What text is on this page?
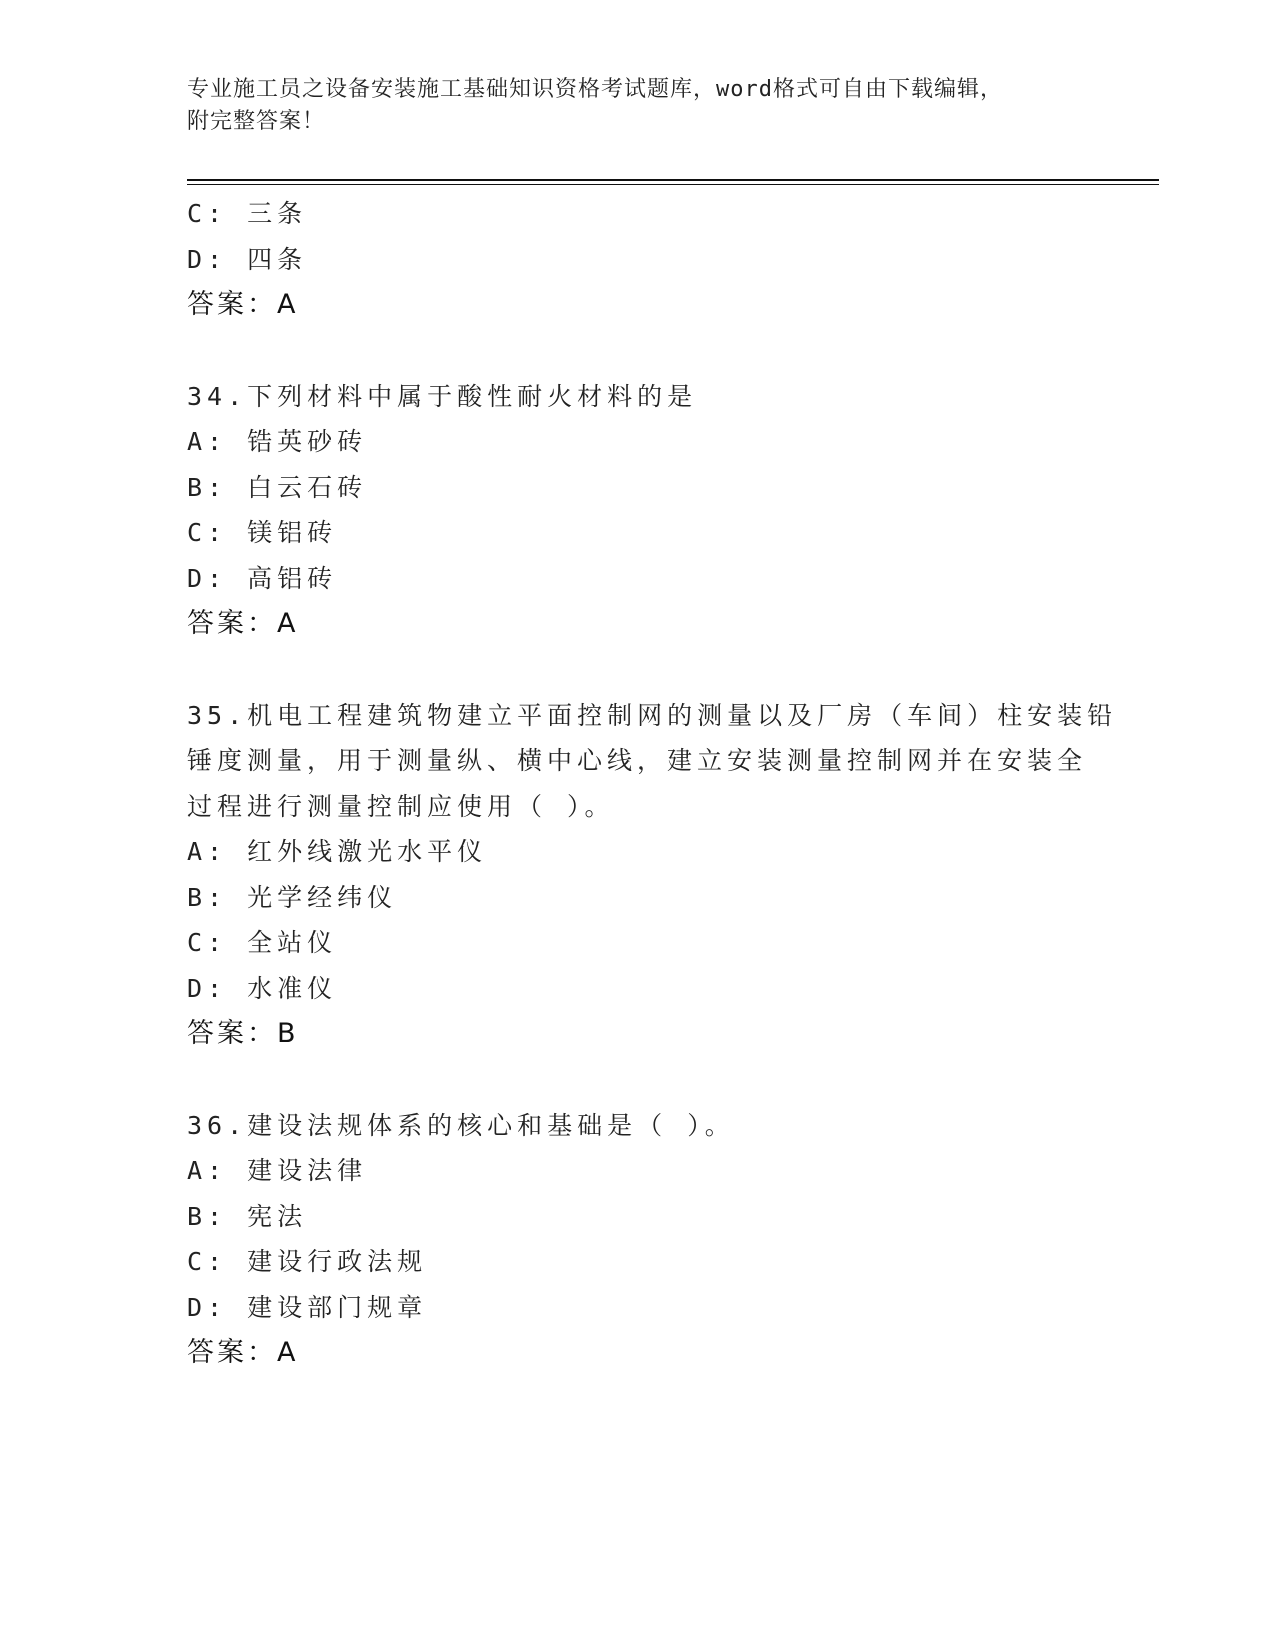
专业施工员之设备安装施工基础知识资格考试题库，word格式可自由下载编辑，
附完整答案！
C: 三条
D: 四条
答案：A
34.下列材料中属于酸性耐火材料的是
A: 锆英砂砖
B: 白云石砖
C: 镁铝砖
D: 高铝砖
答案：A
35.机电工程建筑物建立平面控制网的测量以及厂房（车间）柱安装铅
锤度测量，用于测量纵、横中心线，建立安装测量控制网并在安装全
过程进行测量控制应使用（ ）。
A: 红外线激光水平仪
B: 光学经纬仪
C: 全站仪
D: 水准仪
答案：B
36.建设法规体系的核心和基础是（ ）。
A: 建设法律
B: 宪法
C: 建设行政法规
D: 建设部门规章
答案：A
